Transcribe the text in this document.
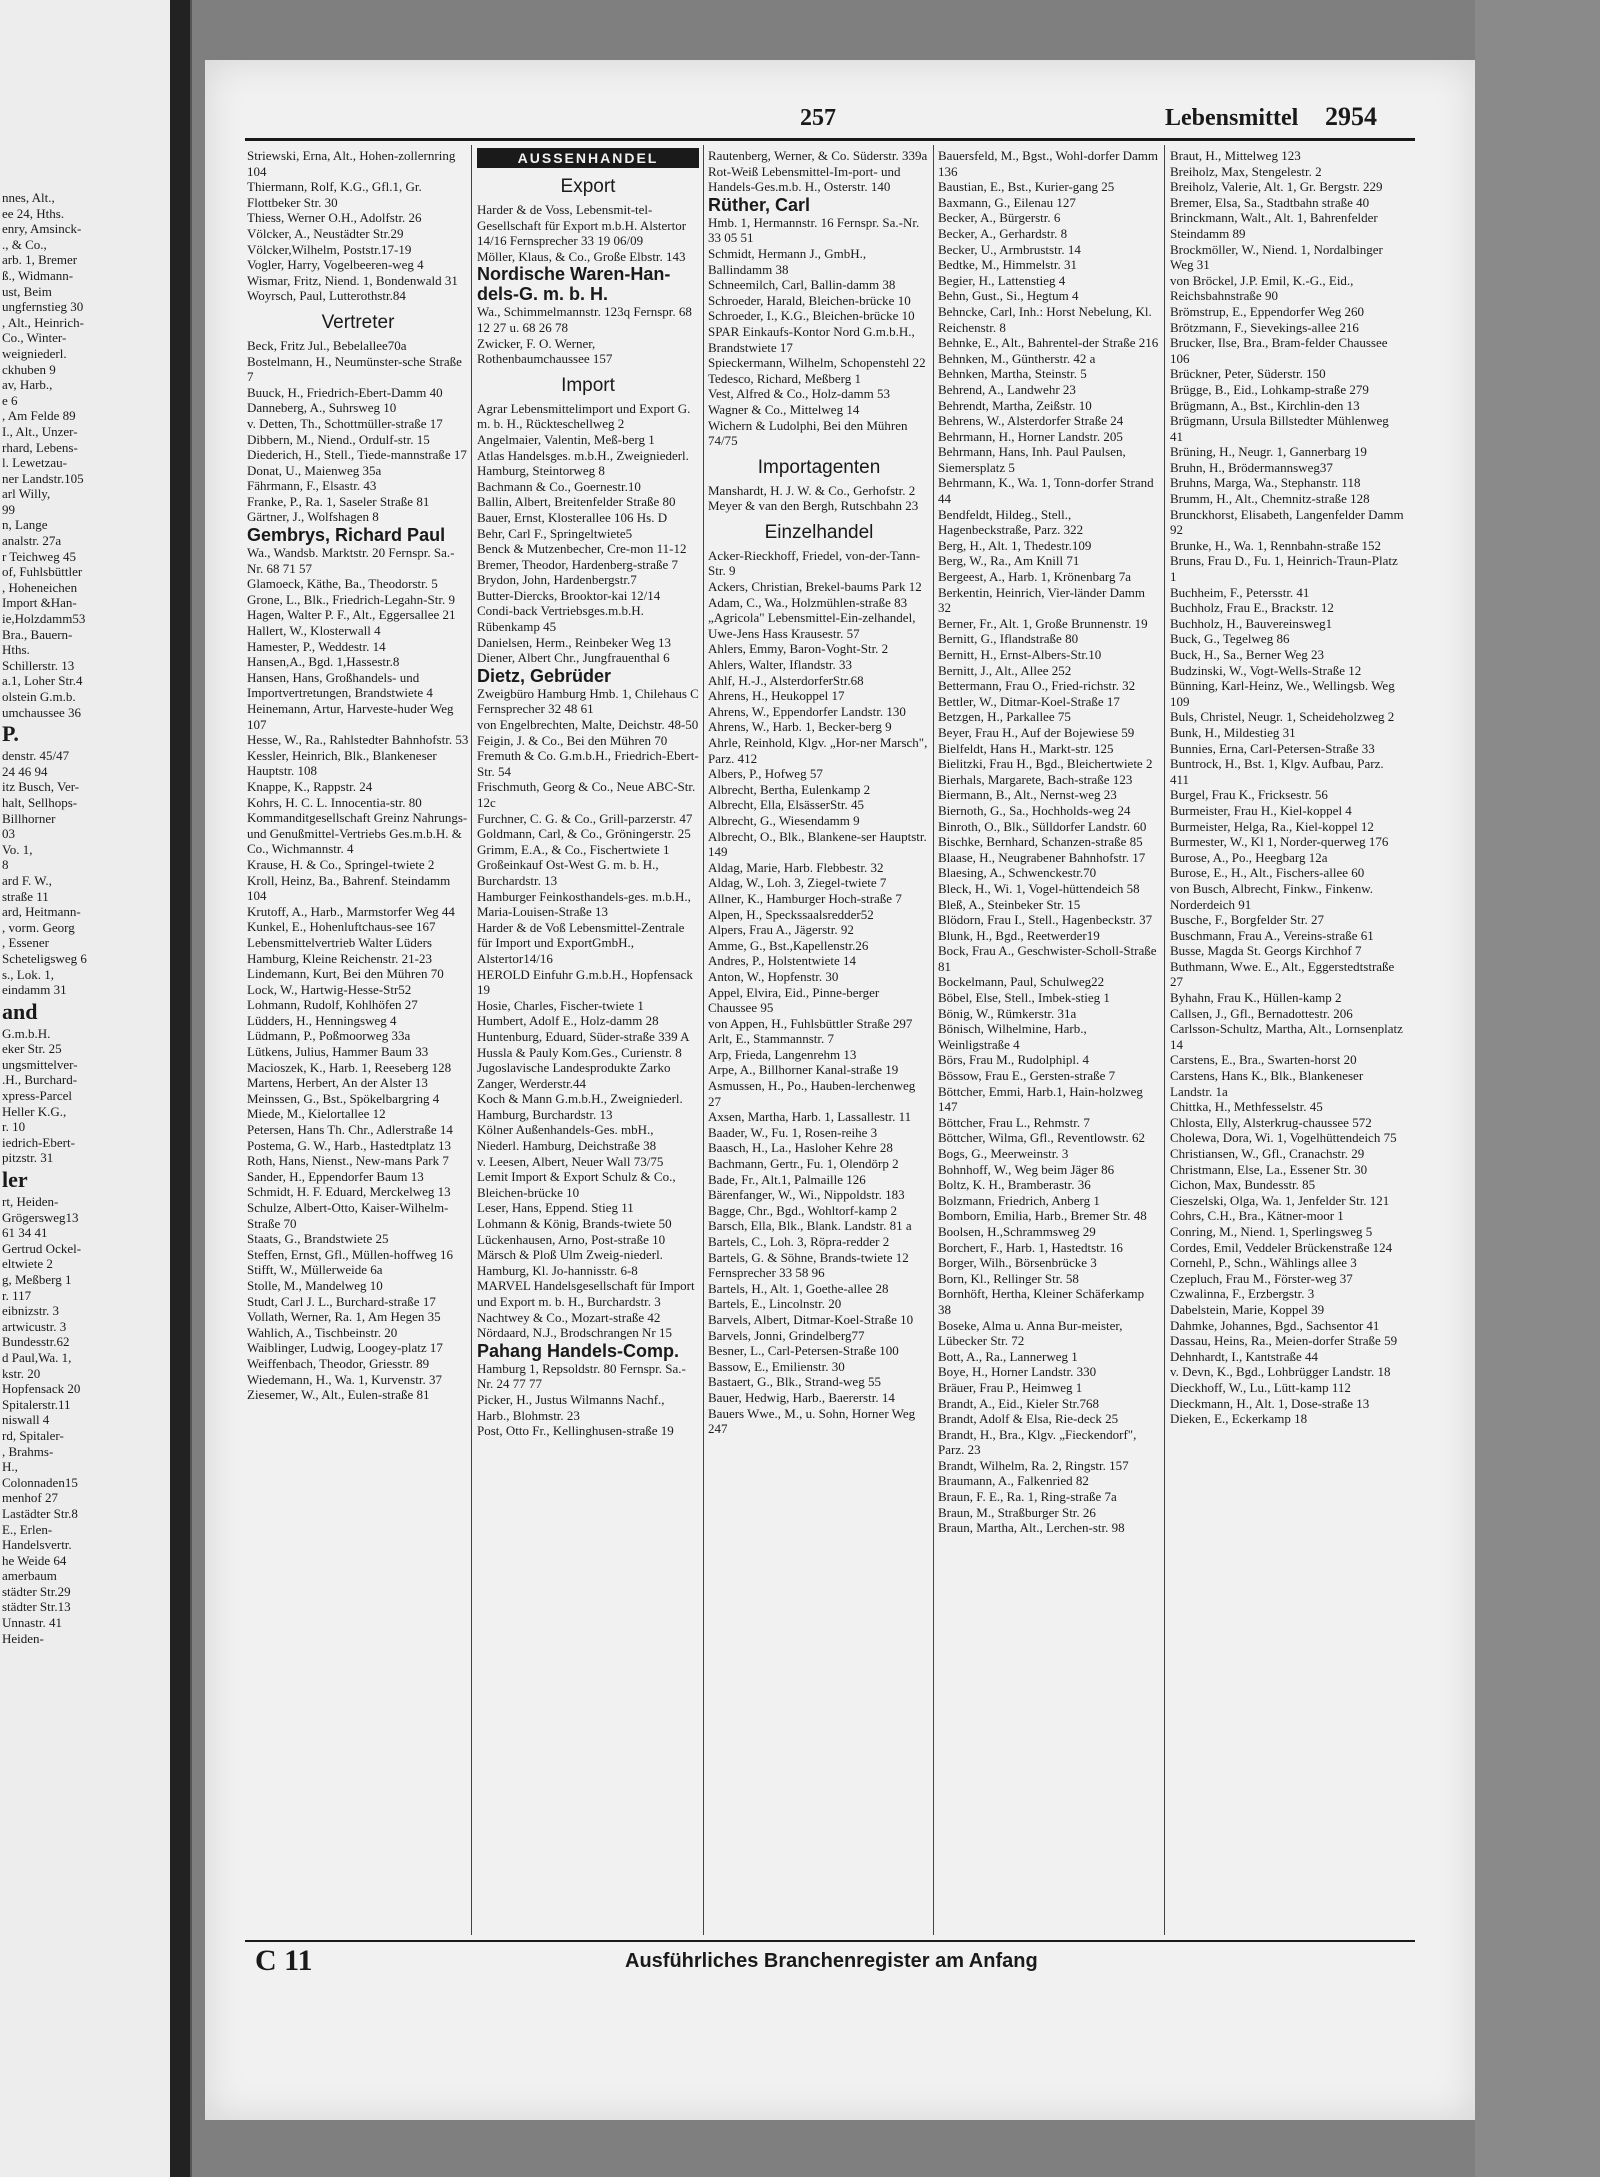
nnes, Alt.,
ee 24, Hths.
enry, Amsinck-
., & Co.,
arb. 1, Bremer
ß., Widmann-
ust, Beim
ungfernstieg 30
, Alt., Heinrich-
Co., Winter-
weigniederl.
ckhuben 9
av, Harb.,
e 6
, Am Felde 89
I., Alt., Unzer-
rhard, Lebens-
l. Lewetzau-
ner Landstr.105
arl Willy,
99
n, Lange
analstr. 27a
r Teichweg 45
of, Fuhlsbüttler
, Hoheneichen
Import &Han-
ie,Holzdamm53
Bra., Bauern-
Hths.
Schillerstr. 13
a.1, Loher Str.4
olstein G.m.b.
umchaussee 36
P.
denstr. 45/47
24 46 94
itz Busch, Ver-
halt, Sellhops-
Billhorner
03
Vo. 1,
8
ard F. W.,
straße 11
ard, Heitmann-
, vorm. Georg
, Essener
Scheteligsweg 6
s., Lok. 1,
eindamm 31
and
G.m.b.H.
eker Str. 25
ungsmittelver-
.H., Burchard-
xpress-Parcel
Heller K.G.,
r. 10
iedrich-Ebert-
pitzstr. 31
ler
rt, Heiden-
Grögersweg13
61 34 41
Gertrud Ockel-
eltwiete 2
g, Meßberg 1
r. 117
eibnizstr. 3
artwicustr. 3
Bundesstr.62
d Paul,Wa. 1,
kstr. 20
Hopfensack 20
Spitalerstr.11
niswall 4
rd, Spitaler-
, Brahms-
H.,
Colonnaden15
menhof 27
Lastädter Str.8
E., Erlen-
Handelsvertr.
he Weide 64
amerbaum
städter Str.29
städter Str.13
Unnastr. 41
Heiden-
257	Lebensmittel 2954
Striewski, Erna, Alt., Hohen-zollernring 104
Thiermann, Rolf, K.G., Gfl.1, Gr. Flottbeker Str. 30
Thiess, Werner O.H., Adolfstr. 26
Völcker, A., Neustädter Str.29
Völcker,Wilhelm, Poststr.17-19
Vogler, Harry, Vogelbeeren-weg 4
Wismar, Fritz, Niend. 1, Bondenwald 31
Woyrsch, Paul, Lutterothstr.84
Vertreter
Beck, Fritz Jul., Bebelallee70a
Bostelmann, H., Neumünster-sche Straße 7
Buuck, H., Friedrich-Ebert-Damm 40
Danneberg, A., Suhrsweg 10
v. Detten, Th., Schottmüller-straße 17
Dibbern, M., Niend., Ordulf-str. 15
Diederich, H., Stell., Tiede-mannstraße 17
Donat, U., Maienweg 35a
Fährmann, F., Elsastr. 43
Franke, P., Ra. 1, Saseler Straße 81
Gärtner, J., Wolfshagen 8
Gembrys, Richard Paul
Wa., Wandsb. Marktstr. 20 Fernspr. Sa.-Nr. 68 71 57
Glamoeck, Käthe, Ba., Theodorstr. 5
Grone, L., Blk., Friedrich-Legahn-Str. 9
Hagen, Walter P. F., Alt., Eggersallee 21
Hallert, W., Klosterwall 4
Hamester, P., Weddestr. 14
Hansen,A., Bgd. 1,Hassestr.8
Hansen, Hans, Großhandels- und Importvertretungen, Brandstwiete 4
Heinemann, Artur, Harveste-huder Weg 107
Hesse, W., Ra., Rahlstedter Bahnhofstr. 53
Kessler, Heinrich, Blk., Blankeneser Hauptstr. 108
Knappe, K., Rappstr. 24
Kohrs, H. C. L. Innocentia-str. 80
Kommanditgesellschaft Greinz Nahrungs- und Genußmittel-Vertriebs Ges.m.b.H. & Co., Wichmannstr. 4
Krause, H. & Co., Springel-twiete 2
Kroll, Heinz, Ba., Bahrenf. Steindamm 104
Krutoff, A., Harb., Marmstorfer Weg 44
Kunkel, E., Hohenluftchaus-see 167
Lebensmittelvertrieb Walter Lüders Hamburg, Kleine Reichenstr. 21-23
Lindemann, Kurt, Bei den Mühren 70
Lock, W., Hartwig-Hesse-Str52
Lohmann, Rudolf, Kohlhöfen 27
Lüdders, H., Henningsweg 4
Lüdmann, P., Poßmoorweg 33a
Lütkens, Julius, Hammer Baum 33
Macioszek, K., Harb. 1, Reeseberg 128
Martens, Herbert, An der Alster 13
Meinssen, G., Bst., Spökelbargring 4
Miede, M., Kielortallee 12
Petersen, Hans Th. Chr., Adlerstraße 14
Postema, G. W., Harb., Hastedtplatz 13
Roth, Hans, Nienst., New-mans Park 7
Sander, H., Eppendorfer Baum 13
Schmidt, H. F. Eduard, Merckelweg 13
Schulze, Albert-Otto, Kaiser-Wilhelm-Straße 70
Staats, G., Brandstwiete 25
Steffen, Ernst, Gfl., Müllen-hoffweg 16
Stifft, W., Müllerweide 6a
Stolle, M., Mandelweg 10
Studt, Carl J. L., Burchard-straße 17
Vollath, Werner, Ra. 1, Am Hegen 35
Wahlich, A., Tischbeinstr. 20
Waiblinger, Ludwig, Loogey-platz 17
Weiffenbach, Theodor, Griesstr. 89
Wiedemann, H., Wa. 1, Kurvenstr. 37
Ziesemer, W., Alt., Eulen-straße 81
AUSSENHANDEL
Export
Harder & de Voss, Lebensmit-tel-Gesellschaft für Export m.b.H. Alstertor 14/16 Fernsprecher 33 19 06/09
Möller, Klaus, & Co., Große Elbstr. 143
Nordische Waren-Han-dels-G. m. b. H.
Wa., Schimmelmannstr. 123q Fernspr. 68 12 27 u. 68 26 78
Zwicker, F. O. Werner, Rothenbaumchaussee 157
Import
Agrar Lebensmittelimport und Export G. m. b. H., Rückteschellweg 2
Angelmaier, Valentin, Meß-berg 1
Atlas Handelsges. m.b.H., Zweigniederl. Hamburg, Steintorweg 8
Bachmann & Co., Goernestr.10
Ballin, Albert, Breitenfelder Straße 80
Bauer, Ernst, Klosterallee 106 Hs. D
Behr, Carl F., Springeltwiete5
Benck & Mutzenbecher, Cre-mon 11-12
Bremer, Theodor, Hardenberg-straße 7
Brydon, John, Hardenbergstr.7
Butter-Diercks, Brooktor-kai 12/14
Condi-back Vertriebsges.m.b.H. Rübenkamp 45
Danielsen, Herm., Reinbeker Weg 13
Diener, Albert Chr., Jungfrauenthal 6
Dietz, Gebrüder
Zweigbüro Hamburg Hmb. 1, Chilehaus C Fernsprecher 32 48 61
von Engelbrechten, Malte, Deichstr. 48-50
Feigin, J. & Co., Bei den Mühren 70
Fremuth & Co. G.m.b.H., Friedrich-Ebert-Str. 54
Frischmuth, Georg & Co., Neue ABC-Str. 12c
Furchner, C. G. & Co., Grill-parzerstr. 47
Goldmann, Carl, & Co., Gröningerstr. 25
Grimm, E.A., & Co., Fischertwiete 1
Großeinkauf Ost-West G. m. b. H., Burchardstr. 13
Hamburger Feinkosthandels-ges. m.b.H., Maria-Louisen-Straße 13
Harder & de Voß Lebensmittel-Zentrale für Import und ExportGmbH., Alstertor14/16
HEROLD Einfuhr G.m.b.H., Hopfensack 19
Hosie, Charles, Fischer-twiete 1
Humbert, Adolf E., Holz-damm 28
Huntenburg, Eduard, Süder-straße 339 A
Hussla & Pauly Kom.Ges., Curienstr. 8
Jugoslavische Landesprodukte Zarko Zanger, Werderstr.44
Koch & Mann G.m.b.H., Zweigniederl. Hamburg, Burchardstr. 13
Kölner Außenhandels-Ges. mbH., Niederl. Hamburg, Deichstraße 38
v. Leesen, Albert, Neuer Wall 73/75
Lemit Import & Export Schulz & Co., Bleichen-brücke 10
Leser, Hans, Eppend. Stieg 11
Lohmann & König, Brands-twiete 50
Lückenhausen, Arno, Post-straße 10
Märsch & Ploß Ulm Zweig-niederl. Hamburg, Kl. Jo-hannisstr. 6-8
MARVEL Handelsgesellschaft für Import und Export m. b. H., Burchardstr. 3
Nachtwey & Co., Mozart-straße 42
Nördaard, N.J., Brodschrangen Nr 15
Pahang Handels-Comp.
Hamburg 1, Repsoldstr. 80 Fernspr. Sa.-Nr. 24 77 77
Picker, H., Justus Wilmanns Nachf., Harb., Blohmstr. 23
Post, Otto Fr., Kellinghusen-straße 19
Rautenberg, Werner, & Co. Süderstr. 339a
Rot-Weiß Lebensmittel-Im-port- und Handels-Ges.m.b. H., Osterstr. 140
Rüther, Carl
Hmb. 1, Hermannstr. 16 Fernspr. Sa.-Nr. 33 05 51
Schmidt, Hermann J., GmbH., Ballindamm 38
Schneemilch, Carl, Ballin-damm 38
Schroeder, Harald, Bleichen-brücke 10
Schroeder, I., K.G., Bleichen-brücke 10
SPAR Einkaufs-Kontor Nord G.m.b.H., Brandstwiete 17
Spieckermann, Wilhelm, Schopenstehl 22
Tedesco, Richard, Meßberg 1
Vest, Alfred & Co., Holz-damm 53
Wagner & Co., Mittelweg 14
Wichern & Ludolphi, Bei den Mühren 74/75
Importagenten
Manshardt, H. J. W. & Co., Gerhofstr. 2
Meyer & van den Bergh, Rutschbahn 23
Einzelhandel
Acker-Rieckhoff, Friedel, von-der-Tann-Str. 9
Ackers, Christian, Brekel-baums Park 12
Adam, C., Wa., Holzmühlen-straße 83
„Agricola" Lebensmittel-Ein-zelhandel, Uwe-Jens Hass Krausestr. 57
Ahlers, Emmy, Baron-Voght-Str. 2
Ahlers, Walter, Iflandstr. 33
Ahlf, H.-J., AlsterdorferStr.68
Ahrens, H., Heukoppel 17
Ahrens, W., Eppendorfer Landstr. 130
Ahrens, W., Harb. 1, Becker-berg 9
Ahrle, Reinhold, Klgv. „Hor-ner Marsch", Parz. 412
Albers, P., Hofweg 57
Albrecht, Bertha, Eulenkamp 2
Albrecht, Ella, ElsässerStr. 45
Albrecht, G., Wiesendamm 9
Albrecht, O., Blk., Blankene-ser Hauptstr. 149
Aldag, Marie, Harb. Flebbestr. 32
Aldag, W., Loh. 3, Ziegel-twiete 7
Allner, K., Hamburger Hoch-straße 7
Alpen, H., Speckssaalsredder52
Alpers, Frau A., Jägerstr. 92
Amme, G., Bst.,Kapellenstr.26
Andres, P., Holstentwiete 14
Anton, W., Hopfenstr. 30
Appel, Elvira, Eid., Pinne-berger Chaussee 95
von Appen, H., Fuhlsbüttler Straße 297
Arlt, E., Stammannstr. 7
Arp, Frieda, Langenrehm 13
Arpe, A., Billhorner Kanal-straße 19
Asmussen, H., Po., Hauben-lerchenweg 27
Axsen, Martha, Harb. 1, Lassallestr. 11
Baader, W., Fu. 1, Rosen-reihe 3
Baasch, H., La., Hasloher Kehre 28
Bachmann, Gertr., Fu. 1, Olendörp 2
Bade, Fr., Alt.1, Palmaille 126
Bärenfanger, W., Wi., Nippoldstr. 183
Bagge, Chr., Bgd., Wohltorf-kamp 2
Barsch, Ella, Blk., Blank. Landstr. 81 a
Bartels, C., Loh. 3, Röpra-redder 2
Bartels, G. & Söhne, Brands-twiete 12 Fernsprecher 33 58 96
Bartels, H., Alt. 1, Goethe-allee 28
Bartels, E., Lincolnstr. 20
Barvels, Albert, Ditmar-Koel-Straße 10
Barvels, Jonni, Grindelberg77
Besner, L., Carl-Petersen-Straße 100
Bassow, E., Emilienstr. 30
Bastaert, G., Blk., Strand-weg 55
Bauer, Hedwig, Harb., Baererstr. 14
Bauers Wwe., M., u. Sohn, Horner Weg 247
Bauersfeld, M., Bgst., Wohl-dorfer Damm 136
Baustian, E., Bst., Kurier-gang 25
Baxmann, G., Eilenau 127
Becker, A., Bürgerstr. 6
Becker, A., Gerhardstr. 8
Becker, U., Armbruststr. 14
Bedtke, M., Himmelstr. 31
Begier, H., Lattenstieg 4
Behn, Gust., Si., Hegtum 4
Behncke, Carl, Inh.: Horst Nebelung, Kl. Reichenstr. 8
Behnke, E., Alt., Bahrentel-der Straße 216
Behnken, M., Güntherstr. 42 a
Behnken, Martha, Steinstr. 5
Behrend, A., Landwehr 23
Behrendt, Martha, Zeißstr. 10
Behrens, W., Alsterdorfer Straße 24
Behrmann, H., Horner Landstr. 205
Behrmann, Hans, Inh. Paul Paulsen, Siemersplatz 5
Behrmann, K., Wa. 1, Tonn-dorfer Strand 44
Bendfeldt, Hildeg., Stell., Hagenbeckstraße, Parz. 322
Berg, H., Alt. 1, Thedestr.109
Berg, W., Ra., Am Knill 71
Bergeest, A., Harb. 1, Krönenbarg 7a
Berkentin, Heinrich, Vier-länder Damm 32
Berner, Fr., Alt. 1, Große Brunnenstr. 19
Bernitt, G., Iflandstraße 80
Bernitt, H., Ernst-Albers-Str.10
Bernitt, J., Alt., Allee 252
Bettermann, Frau O., Fried-richstr. 32
Bettler, W., Ditmar-Koel-Straße 17
Betzgen, H., Parkallee 75
Beyer, Frau H., Auf der Bojewiese 59
Bielfeldt, Hans H., Markt-str. 125
Bielitzki, Frau H., Bgd., Bleichertwiete 2
Bierhals, Margarete, Bach-straße 123
Biermann, B., Alt., Nernst-weg 23
Biernoth, G., Sa., Hochholds-weg 24
Binroth, O., Blk., Sülldorfer Landstr. 60
Bischke, Bernhard, Schanzen-straße 85
Blaase, H., Neugrabener Bahnhofstr. 17
Blaesing, A., Schwenckestr.70
Bleck, H., Wi. 1, Vogel-hüttendeich 58
Bleß, A., Steinbeker Str. 15
Blödorn, Frau I., Stell., Hagenbeckstr. 37
Blunk, H., Bgd., Reetwerder19
Bock, Frau A., Geschwister-Scholl-Straße 81
Bockelmann, Paul, Schulweg22
Böbel, Else, Stell., Imbek-stieg 1
Bönig, W., Rümkerstr. 31a
Bönisch, Wilhelmine, Harb., Weinligstraße 4
Börs, Frau M., Rudolphipl. 4
Bössow, Frau E., Gersten-straße 7
Böttcher, Emmi, Harb.1, Hain-holzweg 147
Böttcher, Frau L., Rehmstr. 7
Böttcher, Wilma, Gfl., Reventlowstr. 62
Bogs, G., Meerweinstr. 3
Bohnhoff, W., Weg beim Jäger 86
Boltz, K. H., Bramberastr. 36
Bolzmann, Friedrich, Anberg 1
Bomborn, Emilia, Harb., Bremer Str. 48
Boolsen, H.,Schrammsweg 29
Borchert, F., Harb. 1, Hastedtstr. 16
Borger, Wilh., Börsenbrücke 3
Born, Kl., Rellinger Str. 58
Bornhöft, Hertha, Kleiner Schäferkamp 38
Boseke, Alma u. Anna Bur-meister, Lübecker Str. 72
Bott, A., Ra., Lannerweg 1
Boye, H., Horner Landstr. 330
Bräuer, Frau P., Heimweg 1
Brandt, A., Eid., Kieler Str.768
Brandt, Adolf & Elsa, Rie-deck 25
Brandt, H., Bra., Klgv. „Fieckendorf", Parz. 23
Brandt, Wilhelm, Ra. 2, Ringstr. 157
Braumann, A., Falkenried 82
Braun, F. E., Ra. 1, Ring-straße 7a
Braun, M., Straßburger Str. 26
Braun, Martha, Alt., Lerchen-str. 98
Braut, H., Mittelweg 123
Breiholz, Max, Stengelestr. 2
Breiholz, Valerie, Alt. 1, Gr. Bergstr. 229
Bremer, Elsa, Sa., Stadtbahn straße 40
Brinckmann, Walt., Alt. 1, Bahrenfelder Steindamm 89
Brockmöller, W., Niend. 1, Nordalbinger Weg 31
von Bröckel, J.P. Emil, K.-G., Eid., Reichsbahnstraße 90
Brömstrup, E., Eppendorfer Weg 260
Brötzmann, F., Sievekings-allee 216
Brucker, Ilse, Bra., Bram-felder Chaussee 106
Brückner, Peter, Süderstr. 150
Brügge, B., Eid., Lohkamp-straße 279
Brügmann, A., Bst., Kirchlin-den 13
Brügmann, Ursula Billstedter Mühlenweg 41
Brüning, H., Neugr. 1, Gannerbarg 19
Bruhn, H., Brödermannsweg37
Bruhns, Marga, Wa., Stephanstr. 118
Brumm, H., Alt., Chemnitz-straße 128
Brunckhorst, Elisabeth, Langenfelder Damm 92
Brunke, H., Wa. 1, Rennbahn-straße 152
Bruns, Frau D., Fu. 1, Heinrich-Traun-Platz 1
Buchheim, F., Petersstr. 41
Buchholz, Frau E., Brackstr. 12
Buchholz, H., Bauvereinsweg1
Buck, G., Tegelweg 86
Buck, H., Sa., Berner Weg 23
Budzinski, W., Vogt-Wells-Straße 12
Bünning, Karl-Heinz, We., Wellingsb. Weg 109
Buls, Christel, Neugr. 1, Scheideholzweg 2
Bunk, H., Mildestieg 31
Bunnies, Erna, Carl-Petersen-Straße 33
Buntrock, H., Bst. 1, Klgv. Aufbau, Parz. 411
Burgel, Frau K., Fricksestr. 56
Burmeister, Frau H., Kiel-koppel 4
Burmeister, Helga, Ra., Kiel-koppel 12
Burmester, W., Kl 1, Norder-querweg 176
Burose, A., Po., Heegbarg 12a
Burose, E., H., Alt., Fischers-allee 60
von Busch, Albrecht, Finkw., Finkenw. Norderdeich 91
Busche, F., Borgfelder Str. 27
Buschmann, Frau A., Vereins-straße 61
Busse, Magda St. Georgs Kirchhof 7
Buthmann, Wwe. E., Alt., Eggerstedtstraße 27
Byhahn, Frau K., Hüllen-kamp 2
Callsen, J., Gfl., Bernadottestr. 206
Carlsson-Schultz, Martha, Alt., Lornsenplatz 14
Carstens, E., Bra., Swarten-horst 20
Carstens, Hans K., Blk., Blankeneser Landstr. 1a
Chittka, H., Methfesselstr. 45
Chlosta, Elly, Alsterkrug-chaussee 572
Cholewa, Dora, Wi. 1, Vogelhüttendeich 75
Christiansen, W., Gfl., Cranachstr. 29
Christmann, Else, La., Essener Str. 30
Cichon, Max, Bundesstr. 85
Cieszelski, Olga, Wa. 1, Jenfelder Str. 121
Cohrs, C.H., Bra., Kätner-moor 1
Conring, M., Niend. 1, Sperlingsweg 5
Cordes, Emil, Veddeler Brückenstraße 124
Cornehl, P., Schn., Wählings allee 3
Czepluch, Frau M., Förster-weg 37
Czwalinna, F., Erzbergstr. 3
Dabelstein, Marie, Koppel 39
Dahmke, Johannes, Bgd., Sachsentor 41
Dassau, Heins, Ra., Meien-dorfer Straße 59
Dehnhardt, I., Kantstraße 44
v. Devn, K., Bgd., Lohbrügger Landstr. 18
Dieckhoff, W., Lu., Lütt-kamp 112
Dieckmann, H., Alt. 1, Dose-straße 13
Dieken, E., Eckerkamp 18
C 11	Ausführliches Branchenregister am Anfang
